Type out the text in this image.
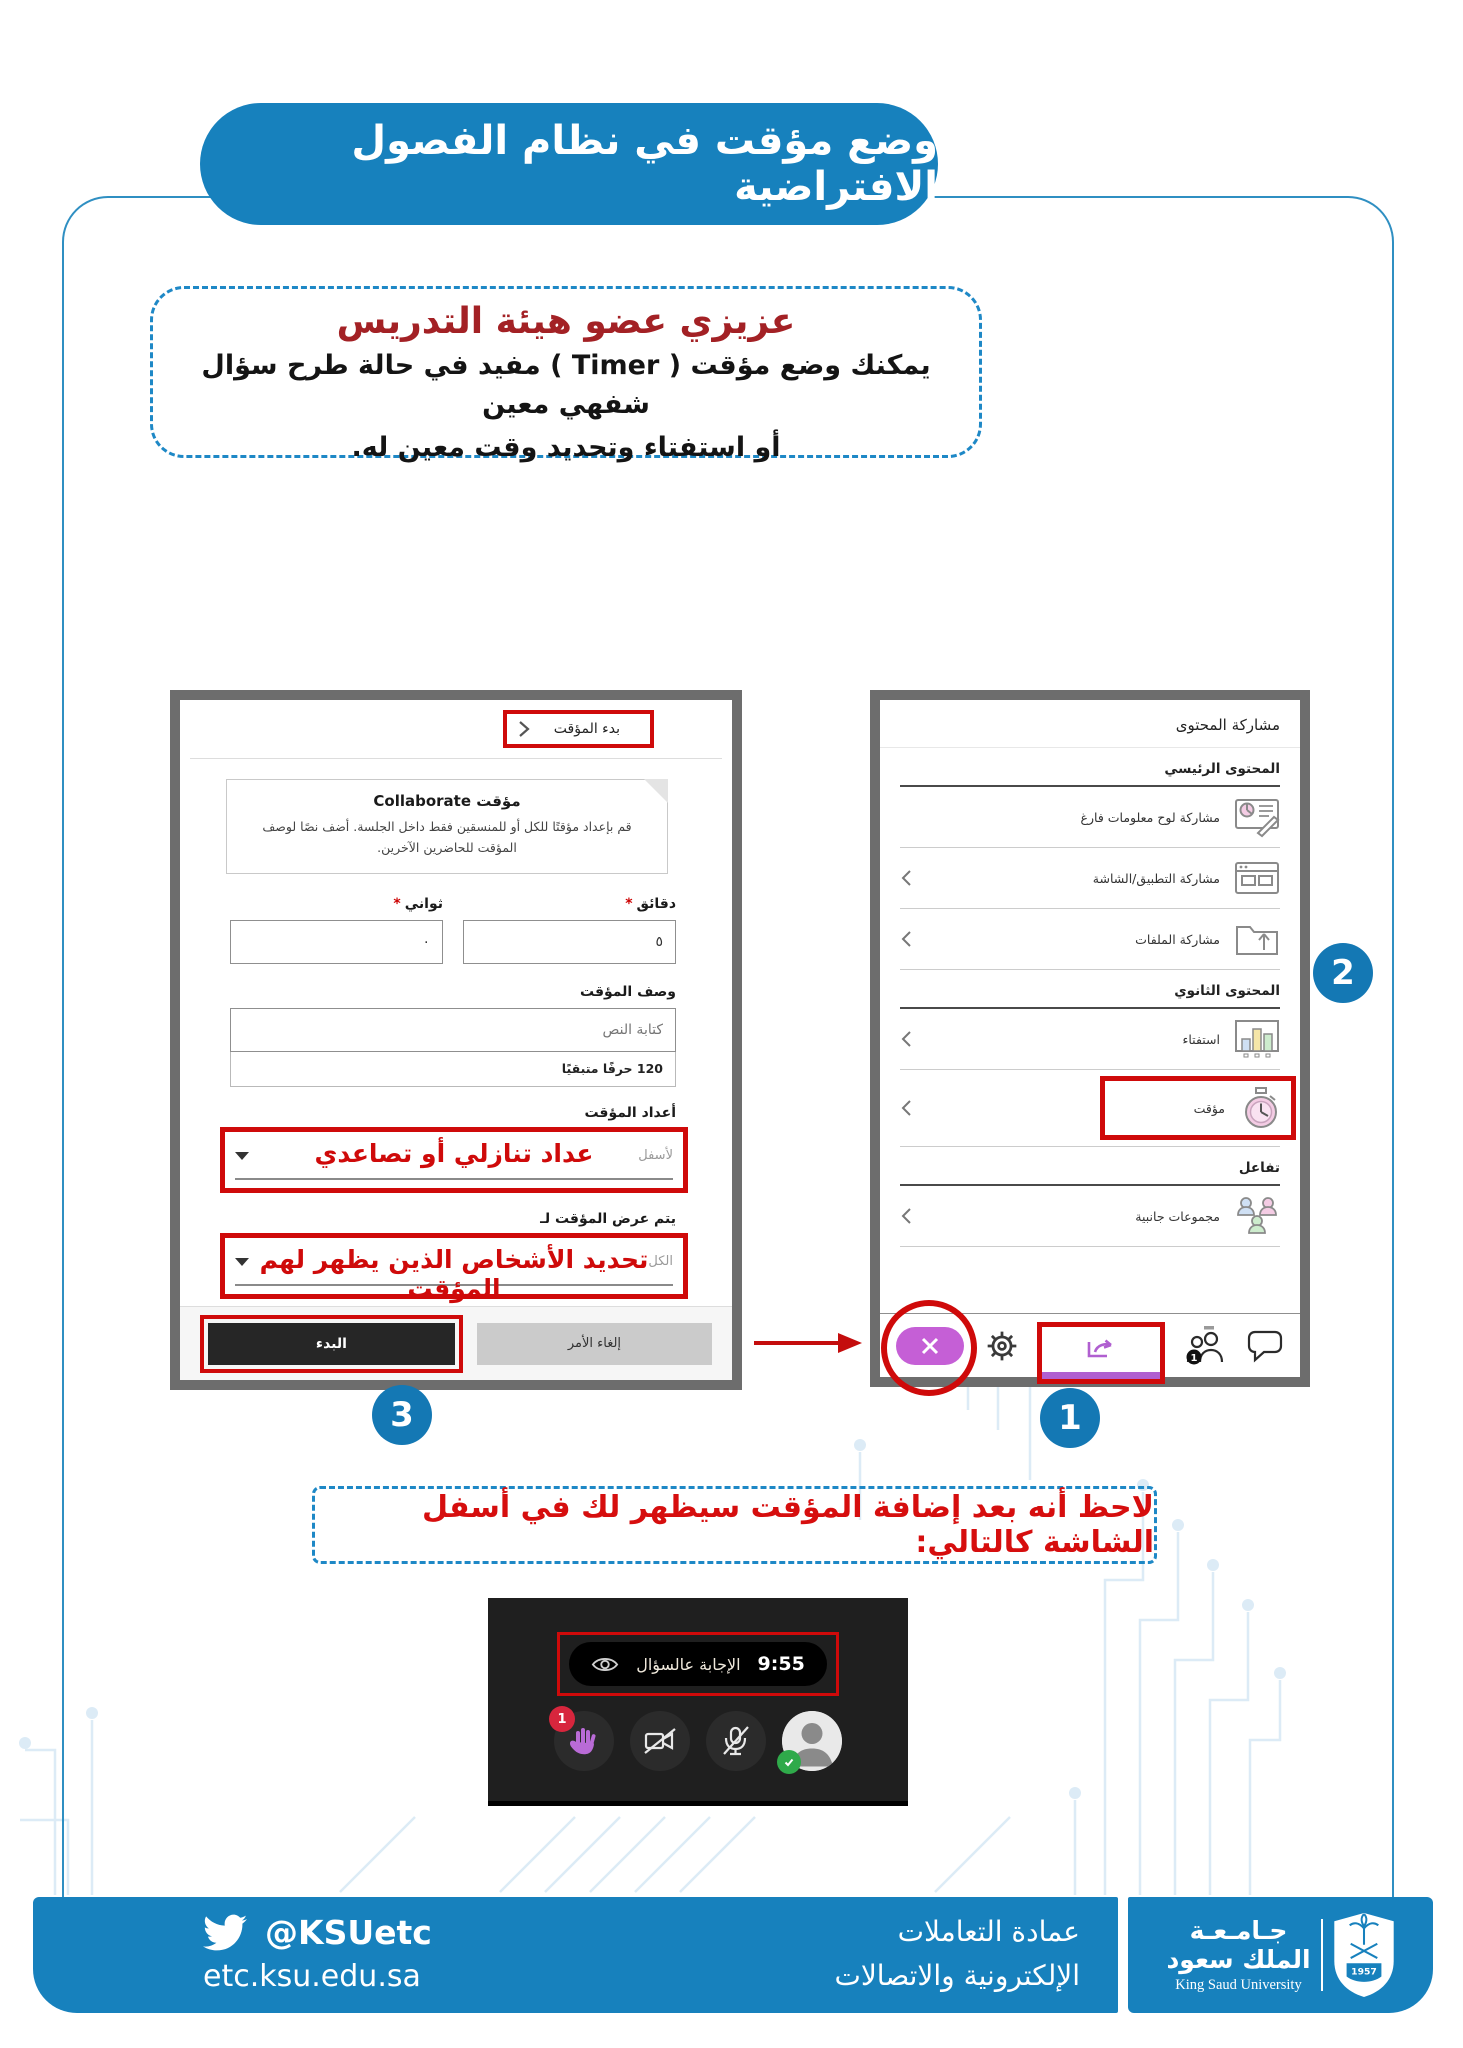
وضع مؤقت في نظام الفصول الافتراضية
عزيزي عضو هيئة التدريس
يمكنك وضع مؤقت ( Timer ) مفيد في حالة طرح سؤال شفهي معين
أو استفتاء وتحديد وقت معين له.
بدء المؤقت
مؤقت Collaborate
قم بإعداد مؤقتًا للكل أو للمنسقين فقط داخل الجلسة. أضف نصًا لوصف المؤقت للحاضرين الآخرين.
دقائق*
٥
ثواني*
٠
وصف المؤقت
كتابة النص
120 حرفًا متبقيًا
أعداد المؤقت
لأسفل
عداد تنازلي أو تصاعدي
يتم عرض المؤقت لـ
الكل
تحديد الأشخاص الذين يظهر لهم المؤقت
البدء	إلغاء الأمر
مشاركة المحتوى
المحتوى الرئيسي
مشاركة لوح معلومات فارغ
مشاركة التطبيق/الشاشة
مشاركة الملفات
المحتوى الثانوي
استفتاء
مؤقت
تفاعل
مجموعات جانبية
1
3	1
2
لاحظ أنه بعد إضافة المؤقت سيظهر لك في أسفل الشاشة كالتالي:
الإجابة عالسؤال 9:55
1
@KSUetc
etc.ksu.edu.sa
عمادة التعاملات
الإلكترونية والاتصالات
جـامـعـة
الملك سعود
King Saud University
1957
